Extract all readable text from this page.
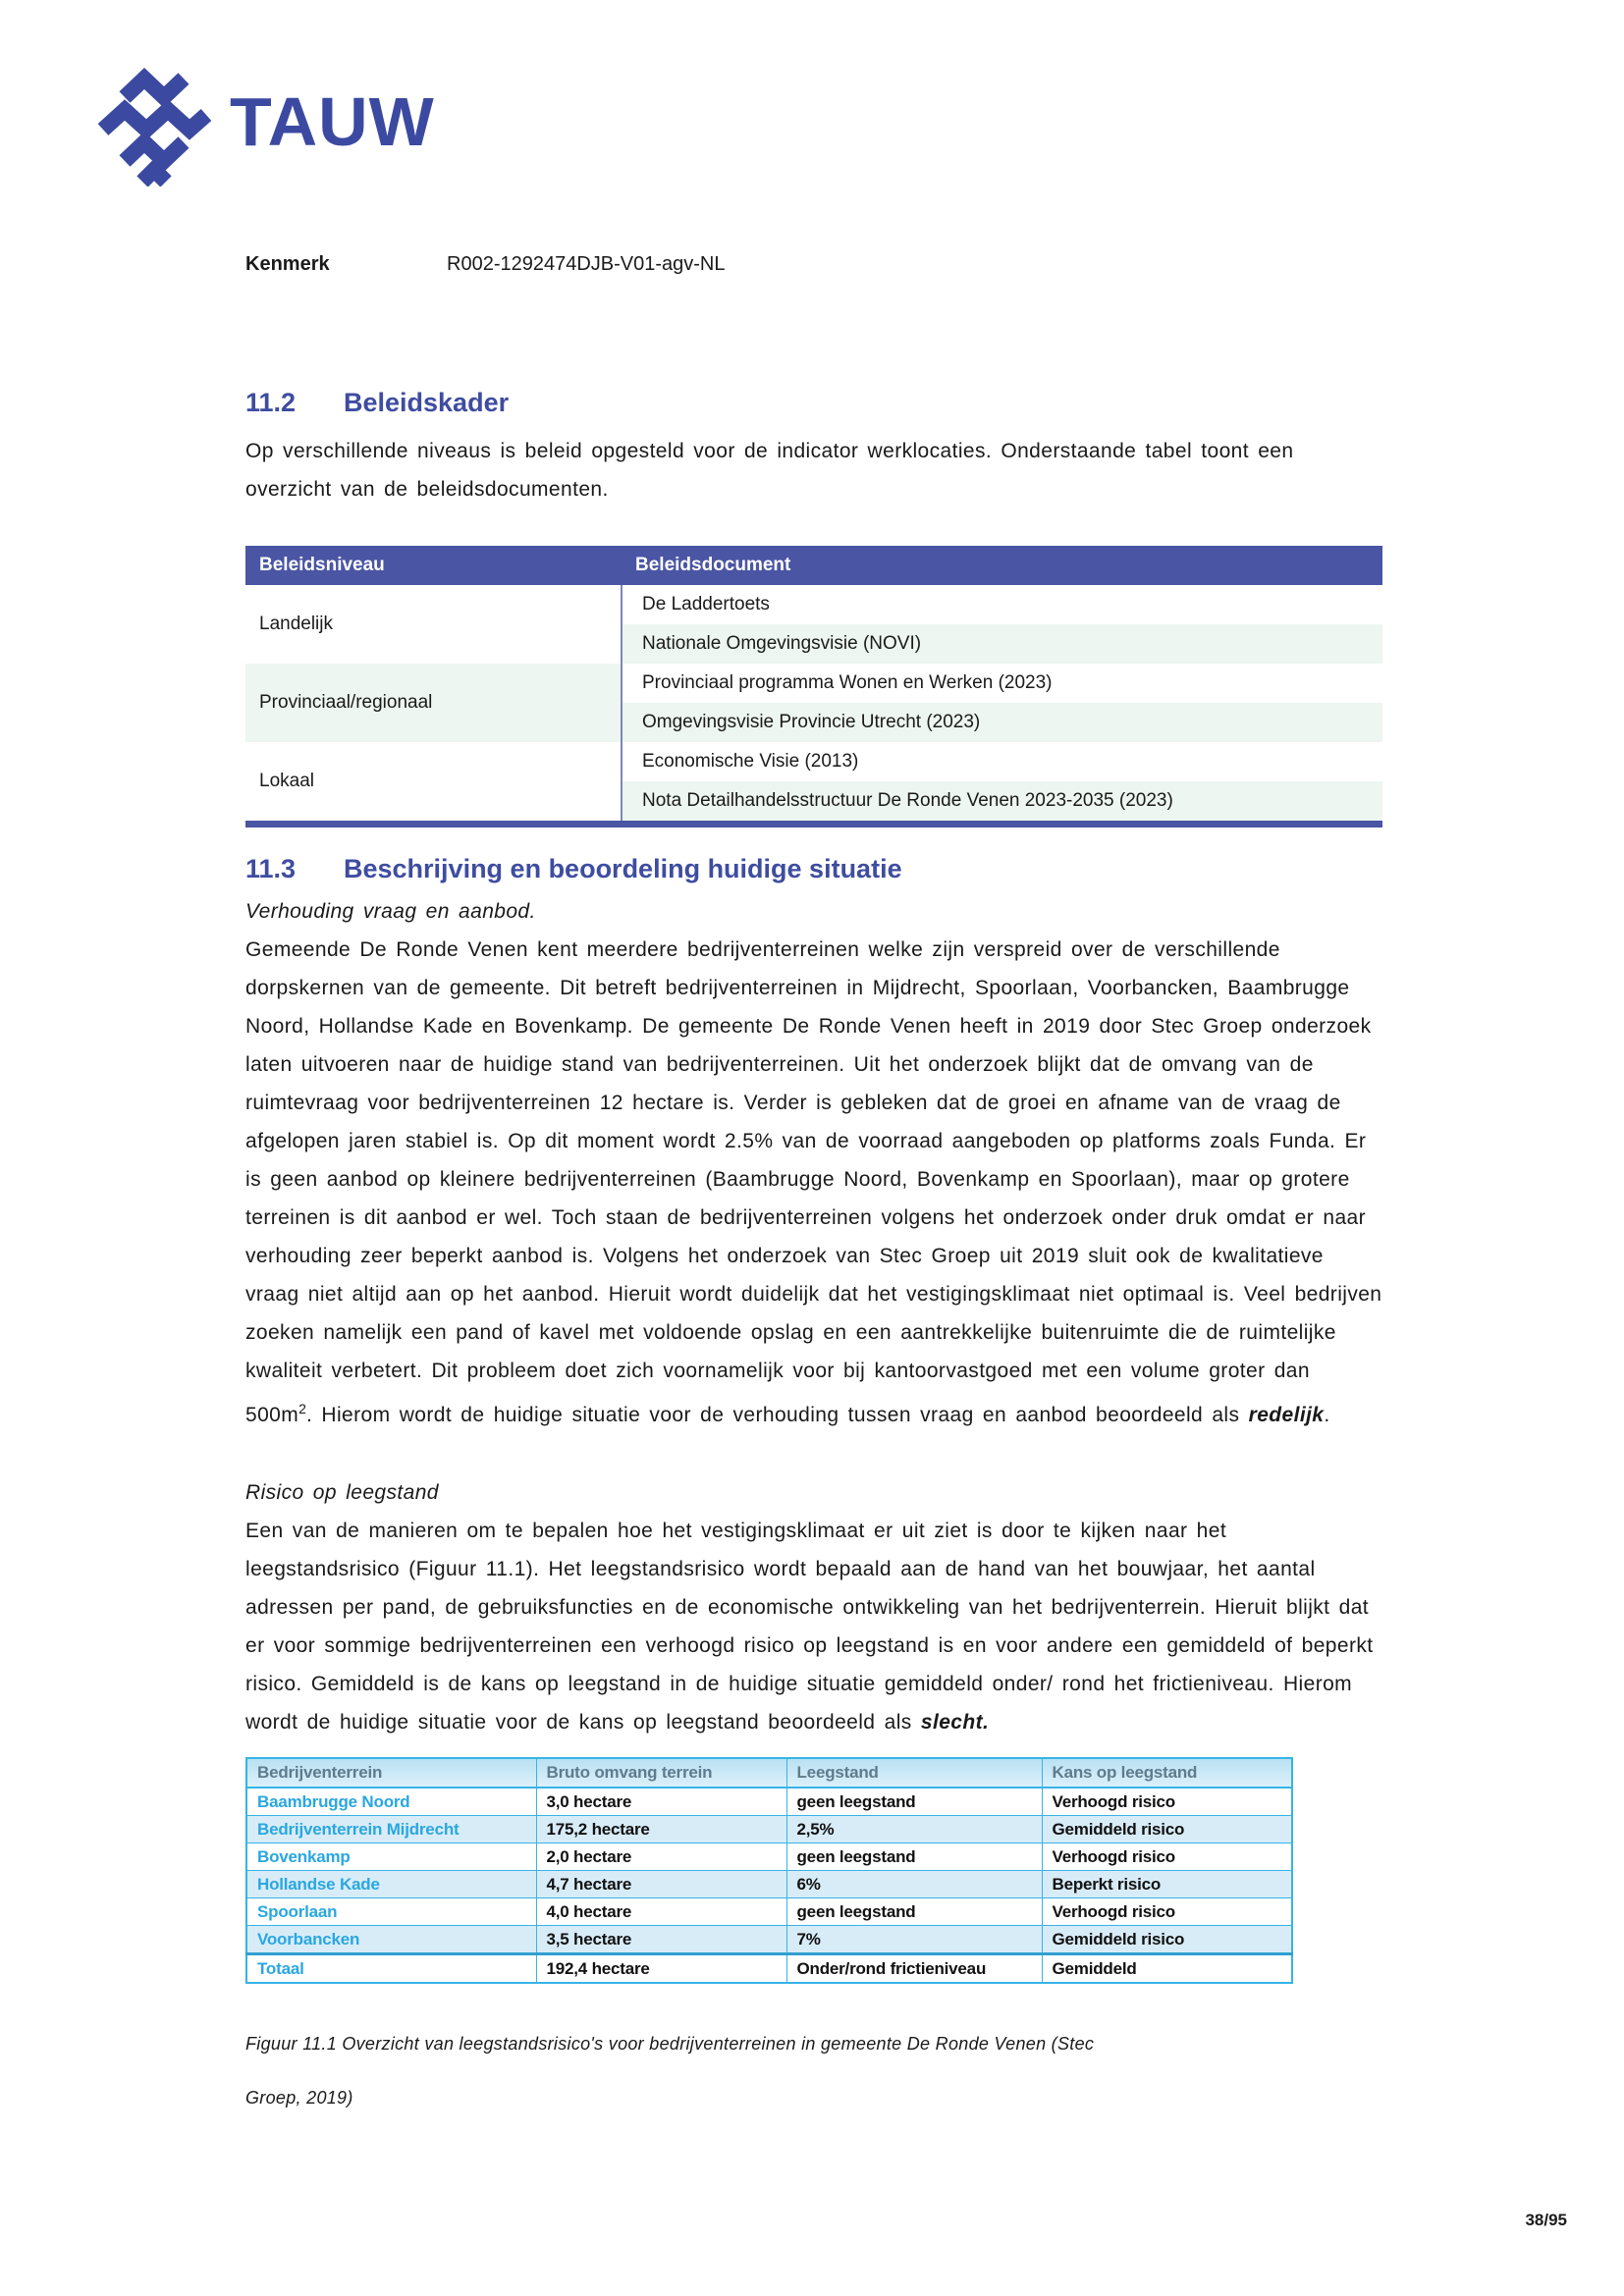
TAUW
Kenmerk	R002-1292474DJB-V01-agv-NL
11.2	Beleidskader

Op verschillende niveaus is beleid opgesteld voor de indicator werklocaties. Onderstaande tabel toont een overzicht van de beleidsdocumenten.

Beleidsniveau	Beleidsdocument
Landelijk	De Laddertoets
	Nationale Omgevingsvisie (NOVI)
Provinciaal/regionaal	Provinciaal programma Wonen en Werken (2023)
	Omgevingsvisie Provincie Utrecht (2023)
Lokaal	Economische Visie (2013)
	Nota Detailhandelsstructuur De Ronde Venen 2023-2035 (2023)
11.3	Beschrijving en beoordeling huidige situatie

Verhouding vraag en aanbod.

Gemeende De Ronde Venen kent meerdere bedrijventerreinen welke zijn verspreid over de verschillende dorpskernen van de gemeente. Dit betreft bedrijventerreinen in Mijdrecht, Spoorlaan, Voorbancken, Baambrugge Noord, Hollandse Kade en Bovenkamp. De gemeente De Ronde Venen heeft in 2019 door Stec Groep onderzoek laten uitvoeren naar de huidige stand van bedrijventerreinen. Uit het onderzoek blijkt dat de omvang van de ruimtevraag voor bedrijventerreinen 12 hectare is. Verder is gebleken dat de groei en afname van de vraag de afgelopen jaren stabiel is. Op dit moment wordt 2.5% van de voorraad aangeboden op platforms zoals Funda. Er is geen aanbod op kleinere bedrijventerreinen (Baambrugge Noord, Bovenkamp en Spoorlaan), maar op grotere terreinen is dit aanbod er wel. Toch staan de bedrijventerreinen volgens het onderzoek onder druk omdat er naar verhouding zeer beperkt aanbod is. Volgens het onderzoek van Stec Groep uit 2019 sluit ook de kwalitatieve vraag niet altijd aan op het aanbod. Hieruit wordt duidelijk dat het vestigingsklimaat niet optimaal is. Veel bedrijven zoeken namelijk een pand of kavel met voldoende opslag en een aantrekkelijke buitenruimte die de ruimtelijke kwaliteit verbetert. Dit probleem doet zich voornamelijk voor bij kantoorvastgoed met een volume groter dan $500m^2$. Hierom wordt de huidige situatie voor de verhouding tussen vraag en aanbod beoordeeld als redelijk.

Risico op leegstand

Een van de manieren om te bepalen hoe het vestigingsklimaat er uit ziet is door te kijken naar het leegstandsrisico (Figuur 11.1). Het leegstandsrisico wordt bepaald aan de hand van het bouwjaar, het aantal adressen per pand, de gebruiksfuncties en de economische ontwikkeling van het bedrijventerrein. Hieruit blijkt dat er voor sommige bedrijventerreinen een verhoogd risico op leegstand is en voor andere een gemiddeld of beperkt risico. Gemiddeld is de kans op leegstand in de huidige situatie gemiddeld onder/ rond het frictieniveau. Hierom wordt de huidige situatie voor de kans op leegstand beoordeeld als slecht.

Bedrijventerrein	Bruto omvang terrein	Leegstand	Kans op leegstand
Baambrugge Noord	3,0 hectare	geen leegstand	Verhoogd risico
Bedrijventerrein Mijdrecht	175,2 hectare	2,5%	Gemiddeld risico
Bovenkamp	2,0 hectare	geen leegstand	Verhoogd risico
Hollandse Kade	4,7 hectare	6%	Beperkt risico
Spoorlaan	4,0 hectare	geen leegstand	Verhoogd risico
Voorbancken	3,5 hectare	7%	Gemiddeld risico
Totaal	192,4 hectare	Onder/rond frictieniveau	Gemiddeld
Figuur 11.1 Overzicht van leegstandsrisico's voor bedrijventerreinen in gemeente De Ronde Venen (Stec
Groep, 2019)
38/95
